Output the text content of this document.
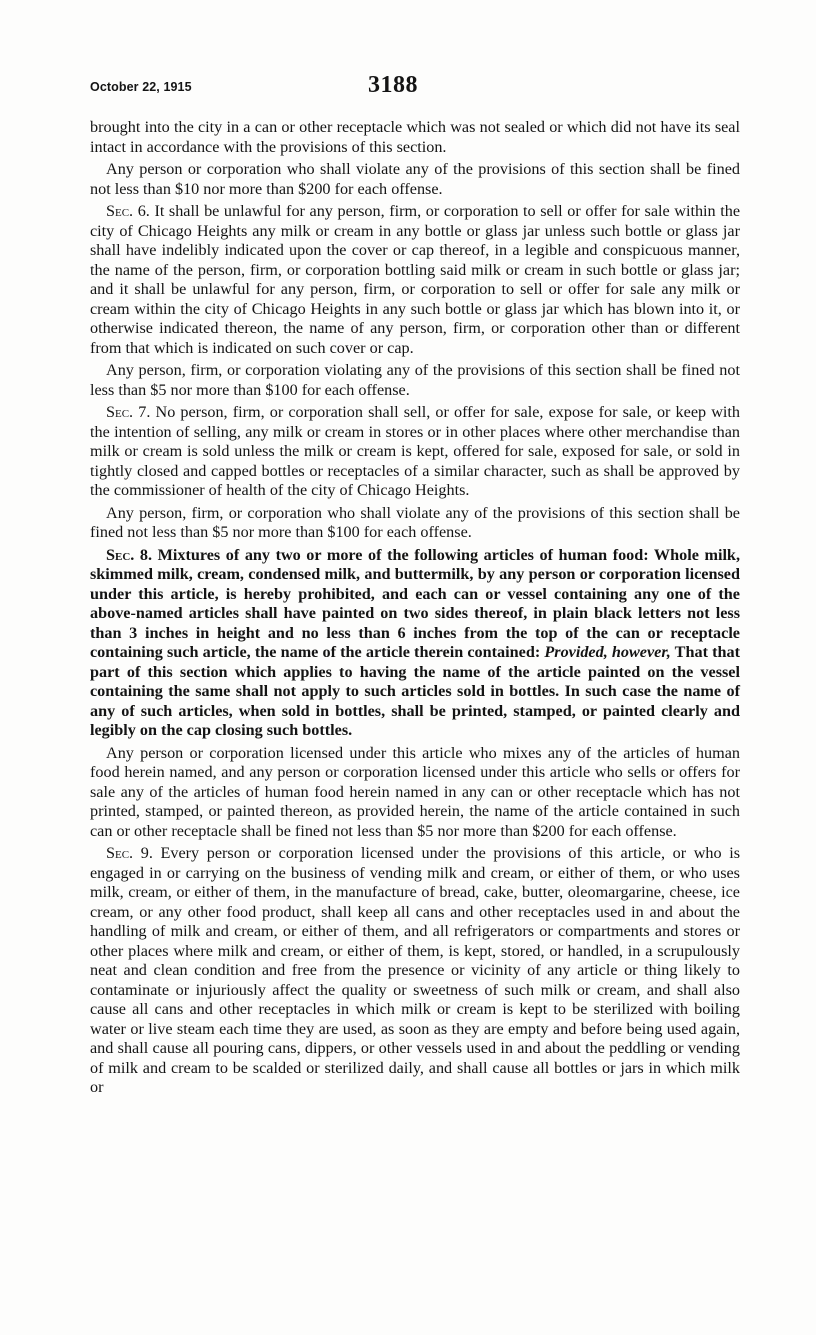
October 22, 1915	3188

brought into the city in a can or other receptacle which was not sealed or which did not have its seal intact in accordance with the provisions of this section.

Any person or corporation who shall violate any of the provisions of this section shall be fined not less than $10 nor more than $200 for each offense.

Sec. 6. It shall be unlawful for any person, firm, or corporation to sell or offer for sale within the city of Chicago Heights any milk or cream in any bottle or glass jar unless such bottle or glass jar shall have indelibly indicated upon the cover or cap thereof, in a legible and conspicuous manner, the name of the person, firm, or corporation bottling said milk or cream in such bottle or glass jar; and it shall be unlawful for any person, firm, or corporation to sell or offer for sale any milk or cream within the city of Chicago Heights in any such bottle or glass jar which has blown into it, or otherwise indicated thereon, the name of any person, firm, or corporation other than or different from that which is indicated on such cover or cap.

Any person, firm, or corporation violating any of the provisions of this section shall be fined not less than $5 nor more than $100 for each offense.

Sec. 7. No person, firm, or corporation shall sell, or offer for sale, expose for sale, or keep with the intention of selling, any milk or cream in stores or in other places where other merchandise than milk or cream is sold unless the milk or cream is kept, offered for sale, exposed for sale, or sold in tightly closed and capped bottles or receptacles of a similar character, such as shall be approved by the commissioner of health of the city of Chicago Heights.

Any person, firm, or corporation who shall violate any of the provisions of this section shall be fined not less than $5 nor more than $100 for each offense.

Sec. 8. Mixtures of any two or more of the following articles of human food: Whole milk, skimmed milk, cream, condensed milk, and buttermilk, by any person or corporation licensed under this article, is hereby prohibited, and each can or vessel containing any one of the above-named articles shall have painted on two sides thereof, in plain black letters not less than 3 inches in height and no less than 6 inches from the top of the can or receptacle containing such article, the name of the article therein contained: Provided, however, That that part of this section which applies to having the name of the article painted on the vessel containing the same shall not apply to such articles sold in bottles. In such case the name of any of such articles, when sold in bottles, shall be printed, stamped, or painted clearly and legibly on the cap closing such bottles.

Any person or corporation licensed under this article who mixes any of the articles of human food herein named, and any person or corporation licensed under this article who sells or offers for sale any of the articles of human food herein named in any can or other receptacle which has not printed, stamped, or painted thereon, as provided herein, the name of the article contained in such can or other receptacle shall be fined not less than $5 nor more than $200 for each offense.

Sec. 9. Every person or corporation licensed under the provisions of this article, or who is engaged in or carrying on the business of vending milk and cream, or either of them, or who uses milk, cream, or either of them, in the manufacture of bread, cake, butter, oleomargarine, cheese, ice cream, or any other food product, shall keep all cans and other receptacles used in and about the handling of milk and cream, or either of them, and all refrigerators or compartments and stores or other places where milk and cream, or either of them, is kept, stored, or handled, in a scrupulously neat and clean condition and free from the presence or vicinity of any article or thing likely to contaminate or injuriously affect the quality or sweetness of such milk or cream, and shall also cause all cans and other receptacles in which milk or cream is kept to be sterilized with boiling water or live steam each time they are used, as soon as they are empty and before being used again, and shall cause all pouring cans, dippers, or other vessels used in and about the peddling or vending of milk and cream to be scalded or sterilized daily, and shall cause all bottles or jars in which milk or
